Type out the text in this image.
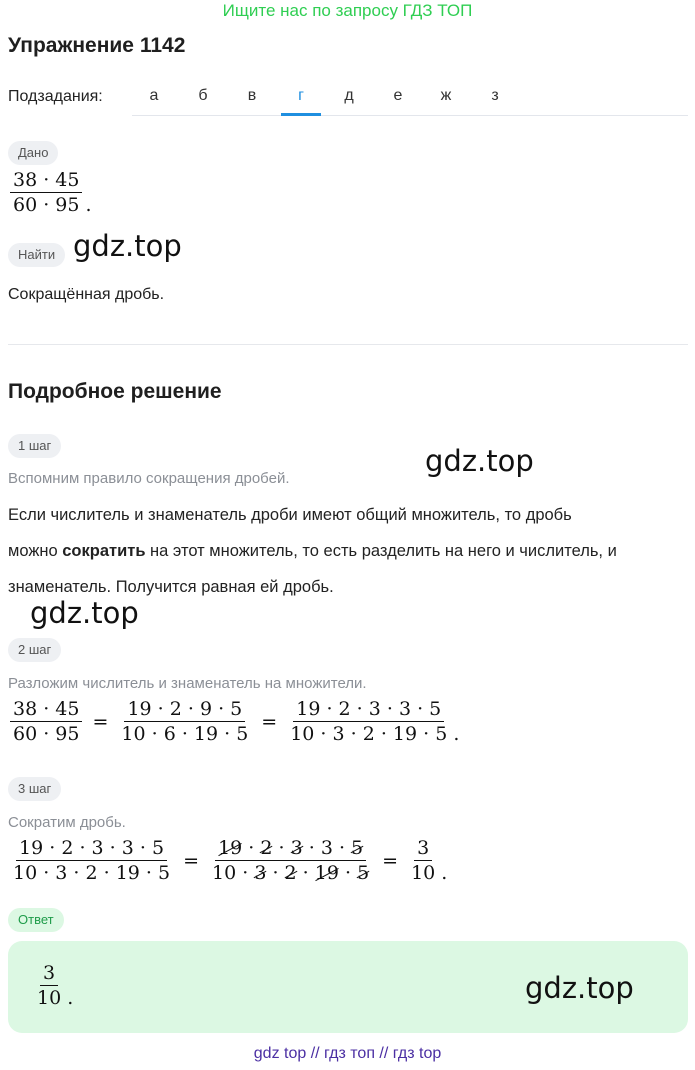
Ищите нас по запросу ГДЗ ТОП
Упражнение 1142
Подзадания:	а	б	в	г	д	е	ж	з
Дано
$\frac{38 \cdot 45}{60 \cdot 95}$ .
Найти gdz.top
Сокращённая дробь.
Подробное решение
1 шаг
Вспомним правило сокращения дробей.
gdz.top
Если числитель и знаменатель дроби имеют общий множитель, то дробь
можно сократить на этот множитель, то есть разделить на него и числитель, и
знаменатель. Получится равная ей дробь.
gdz.top
2 шаг
Разложим числитель и знаменатель на множители.
$\frac{38 \cdot 45}{60 \cdot 95} = \frac{19 \cdot 2 \cdot 9 \cdot 5}{10 \cdot 6 \cdot 19 \cdot 5} = \frac{19 \cdot 2 \cdot 3 \cdot 3 \cdot 5}{10 \cdot 3 \cdot 2 \cdot 19 \cdot 5}$ .
3 шаг
Сократим дробь.
$\frac{19 \cdot 2 \cdot 3 \cdot 3 \cdot 5}{10 \cdot 3 \cdot 2 \cdot 19 \cdot 5} = \frac{19 \cdot 2 \cdot 3 \cdot 3 \cdot 5}{10 \cdot 3 \cdot 2 \cdot 19 \cdot 5} = \frac{3}{10}$ .
Ответ
$\frac{3}{10}$ .	gdz.top
gdz top // гдз топ // гдз top
